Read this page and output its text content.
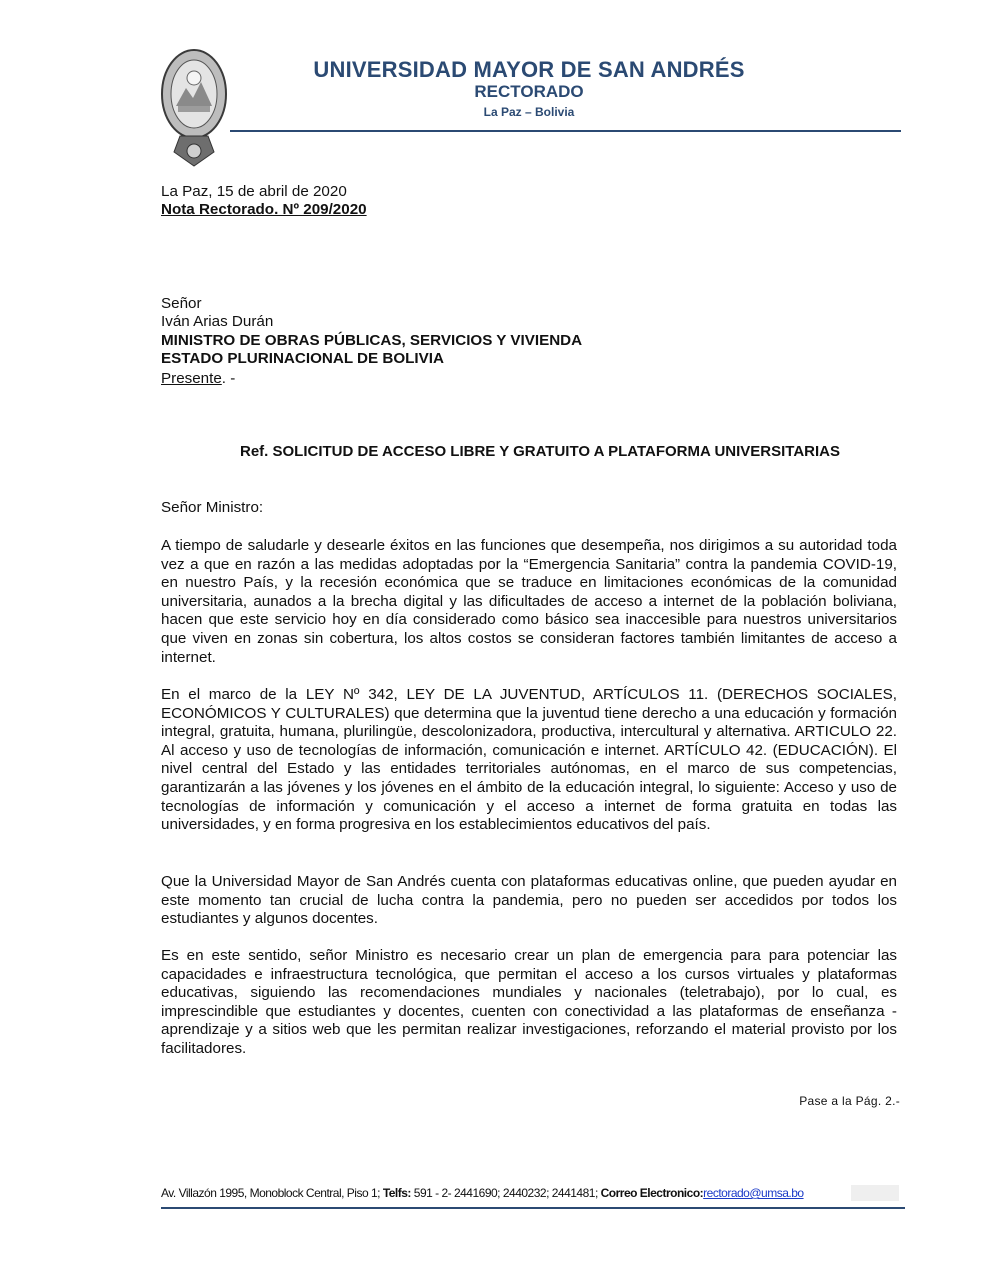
UNIVERSIDAD MAYOR DE SAN ANDRÉS
RECTORADO
La Paz – Bolivia
La Paz, 15 de abril de 2020
Nota Rectorado. Nº 209/2020
Señor
Iván Arias Durán
MINISTRO DE OBRAS PÚBLICAS, SERVICIOS Y VIVIENDA
ESTADO PLURINACIONAL DE BOLIVIA
Presente. -
Ref. SOLICITUD DE ACCESO LIBRE Y GRATUITO A PLATAFORMA UNIVERSITARIAS
Señor Ministro:
A tiempo de saludarle y desearle éxitos en las funciones que desempeña, nos dirigimos a su autoridad toda vez a que en razón a las medidas adoptadas por la “Emergencia Sanitaria” contra la pandemia COVID-19, en nuestro País, y la recesión económica que se traduce en limitaciones económicas de la comunidad universitaria, aunados a la brecha digital y las dificultades de acceso a internet de la población boliviana, hacen que este servicio hoy en día considerado como básico sea inaccesible para nuestros universitarios que viven en zonas sin cobertura, los altos costos se consideran factores también limitantes de acceso a internet.
En el marco de la LEY Nº 342, LEY DE LA JUVENTUD, ARTÍCULOS 11. (DERECHOS SOCIALES, ECONÓMICOS Y CULTURALES) que determina que la juventud tiene derecho a una educación y formación integral, gratuita, humana, plurilingüe, descolonizadora, productiva, intercultural y alternativa. ARTICULO 22. Al acceso y uso de tecnologías de información, comunicación e internet. ARTÍCULO 42. (EDUCACIÓN). El nivel central del Estado y las entidades territoriales autónomas, en el marco de sus competencias, garantizarán a las jóvenes y los jóvenes en el ámbito de la educación integral, lo siguiente: Acceso y uso de tecnologías de información y comunicación y el acceso a internet de forma gratuita en todas las universidades, y en forma progresiva en los establecimientos educativos del país.
Que la Universidad Mayor de San Andrés cuenta con plataformas educativas online, que pueden ayudar en este momento tan crucial de lucha contra la pandemia, pero no pueden ser accedidos por todos los estudiantes y algunos docentes.
Es en este sentido, señor Ministro es necesario crear un plan de emergencia para para potenciar las capacidades e infraestructura tecnológica, que permitan el acceso a los cursos virtuales y plataformas educativas, siguiendo las recomendaciones mundiales y nacionales (teletrabajo), por lo cual, es imprescindible que estudiantes y docentes, cuenten con conectividad a las plataformas de enseñanza - aprendizaje y a sitios web que les permitan realizar investigaciones, reforzando el material provisto por los facilitadores.
Pase a la Pág. 2.-
Av. Villazón 1995, Monoblock Central, Piso 1; Telfs: 591 - 2- 2441690; 2440232; 2441481; Correo Electronico:rectorado@umsa.bo
